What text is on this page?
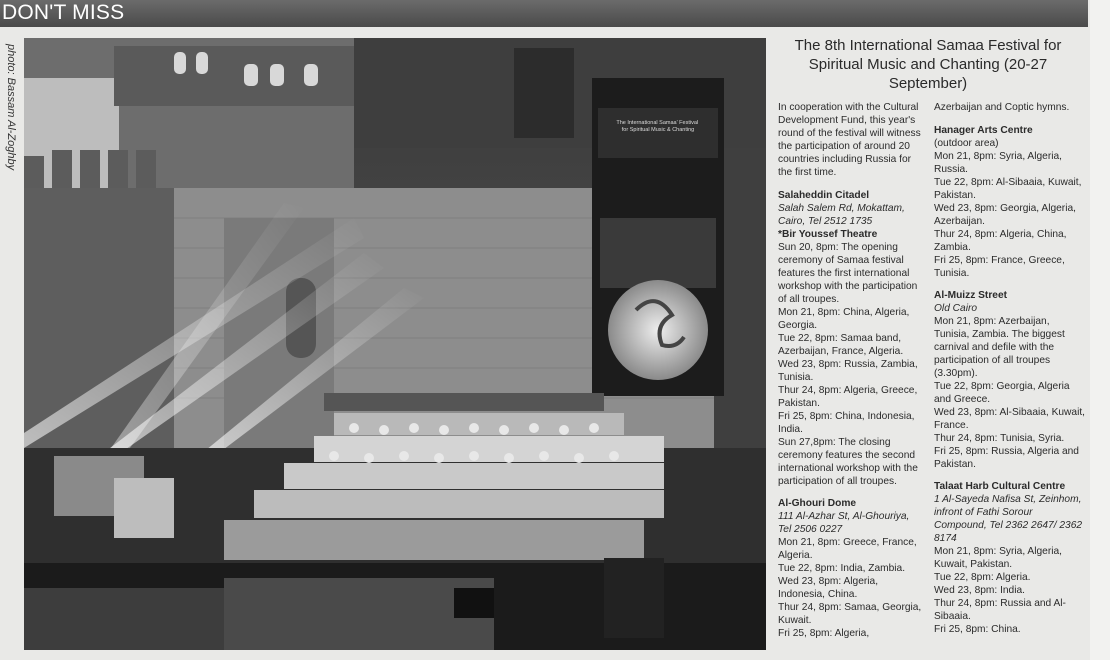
DON'T MISS
photo: Bassam Al-Zoghby	The International Samaa' Festival for Spiritual Music & Chanting
The 8th International Samaa Festival for Spiritual Music and Chanting (20-27 September)

In cooperation with the Cultural Development Fund, this year's round of the festival will witness the participation of around 20 countries including Russia for the first time.

Salaheddin Citadel
Salah Salem Rd, Mokattam, Cairo, Tel 2512 1735
*Bir Youssef Theatre
Sun 20, 8pm: The opening ceremony of Samaa festival features the first international workshop with the participation of all troupes.
Mon 21, 8pm: China, Algeria, Georgia.
Tue 22, 8pm: Samaa band, Azerbaijan, France, Algeria.
Wed 23, 8pm: Russia, Zambia, Tunisia.
Thur 24, 8pm: Algeria, Greece, Pakistan.
Fri 25, 8pm: China, Indonesia, India.
Sun 27,8pm: The closing ceremony features the second international workshop with the participation of all troupes.
Al-Ghouri Dome
111 Al-Azhar St, Al-Ghouriya, Tel 2506 0227
Mon 21, 8pm: Greece, France, Algeria.
Tue 22, 8pm: India, Zambia.
Wed 23, 8pm: Algeria, Indonesia, China.
Thur 24, 8pm: Samaa, Georgia, Kuwait.
Fri 25, 8pm: Algeria,

Azerbaijan and Coptic hymns.

Hanager Arts Centre
(outdoor area)
Mon 21, 8pm: Syria, Algeria, Russia.
Tue 22, 8pm: Al-Sibaaia, Kuwait, Pakistan.
Wed 23, 8pm: Georgia, Algeria, Azerbaijan.
Thur 24, 8pm: Algeria, China, Zambia.
Fri 25, 8pm: France, Greece, Tunisia.
Al-Muizz Street
Old Cairo
Mon 21, 8pm: Azerbaijan, Tunisia, Zambia. The biggest carnival and defile with the participation of all troupes (3.30pm).
Tue 22, 8pm: Georgia, Algeria and Greece.
Wed 23, 8pm: Al-Sibaaia, Kuwait, France.
Thur 24, 8pm: Tunisia, Syria.
Fri 25, 8pm: Russia, Algeria and Pakistan.
Talaat Harb Cultural Centre
1 Al-Sayeda Nafisa St, Zeinhom, infront of Fathi Sorour Compound, Tel 2362 2647/ 2362 8174
Mon 21, 8pm: Syria, Algeria, Kuwait, Pakistan.
Tue 22, 8pm: Algeria.
Wed 23, 8pm: India.
Thur 24, 8pm: Russia and Al-Sibaaia.
Fri 25, 8pm: China.
